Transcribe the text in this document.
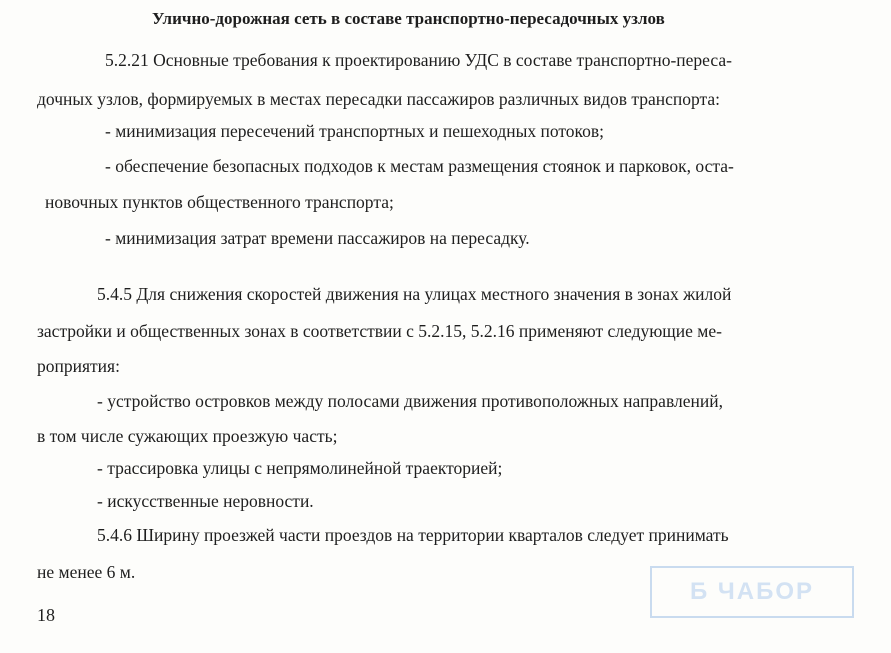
Улично-дорожная сеть в составе транспортно-пересадочных узлов
5.2.21 Основные требования к проектированию УДС в составе транспортно-переса-
дочных узлов, формируемых в местах пересадки пассажиров различных видов транспорта:
- минимизация пересечений транспортных и пешеходных потоков;
- обеспечение безопасных подходов к местам размещения стоянок и парковок, оста-
новочных пунктов общественного транспорта;
- минимизация затрат времени пассажиров на пересадку.
5.4.5 Для снижения скоростей движения на улицах местного значения в зонах жилой
застройки и общественных зонах в соответствии с 5.2.15, 5.2.16 применяют следующие ме-
роприятия:
- устройство островков между полосами движения противоположных направлений,
в том числе сужающих проезжую часть;
- трассировка улицы с непрямолинейной траекторией;
- искусственные неровности.
5.4.6 Ширину проезжей части проездов на территории кварталов следует принимать
не менее 6 м.
Б ЧАБОР
18
